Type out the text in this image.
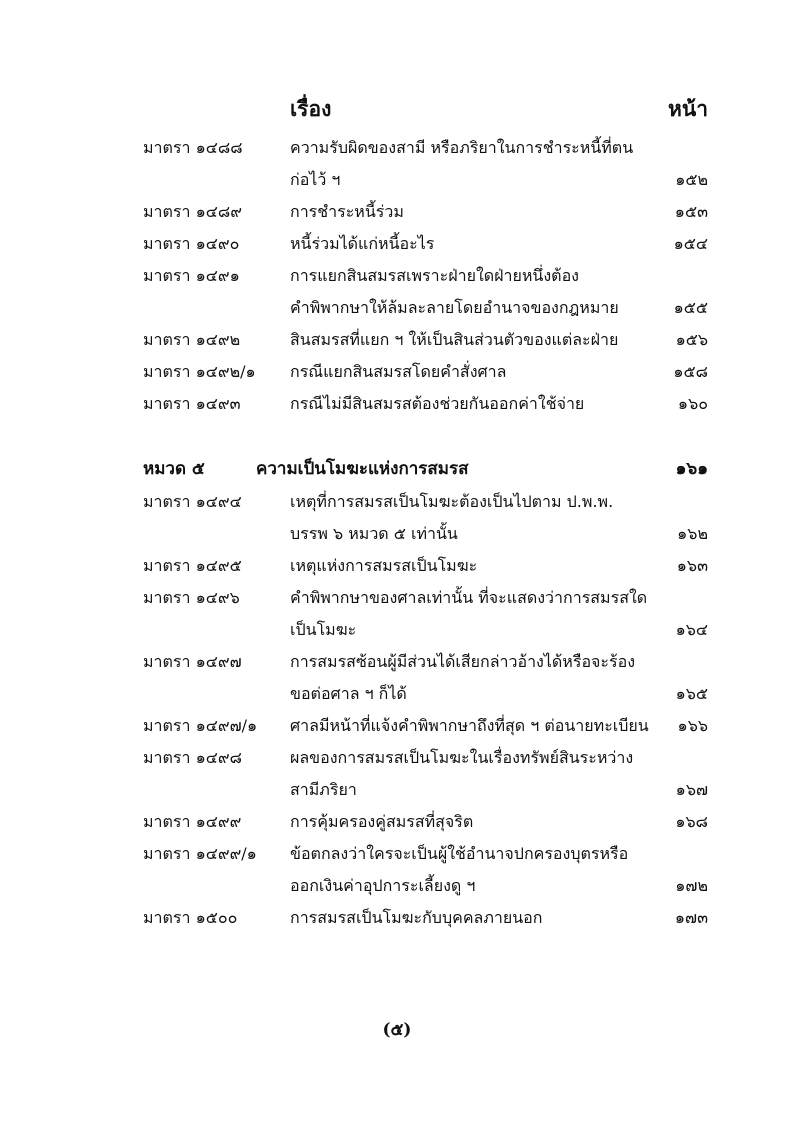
เรื่อง	หน้า
มาตรา ๑๔๘๘	ความรับผิดของสามี หรือภริยาในการชำระหนี้ที่ตน
ก่อไว้ ฯ	๑๕๒
มาตรา ๑๔๘๙	การชำระหนี้ร่วม	๑๕๓
มาตรา ๑๔๙๐	หนี้ร่วมได้แก่หนี้อะไร	๑๕๔
มาตรา ๑๔๙๑	การแยกสินสมรสเพราะฝ่ายใดฝ่ายหนึ่งต้อง
คำพิพากษาให้ล้มละลายโดยอำนาจของกฎหมาย	๑๕๕
มาตรา ๑๔๙๒	สินสมรสที่แยก ฯ ให้เป็นสินส่วนตัวของแต่ละฝ่าย	๑๕๖
มาตรา ๑๔๙๒/๑ กรณีแยกสินสมรสโดยคำสั่งศาล	๑๕๘
มาตรา ๑๔๙๓	กรณีไม่มีสินสมรสต้องช่วยกันออกค่าใช้จ่าย	๑๖๐
หมวด ๕	ความเป็นโมฆะแห่งการสมรส	๑๖๑
มาตรา ๑๔๙๔	เหตุที่การสมรสเป็นโมฆะต้องเป็นไปตาม ป.พ.พ.
บรรพ ๖ หมวด ๕ เท่านั้น	๑๖๒
มาตรา ๑๔๙๕	เหตุแห่งการสมรสเป็นโมฆะ	๑๖๓
มาตรา ๑๔๙๖	คำพิพากษาของศาลเท่านั้น ที่จะแสดงว่าการสมรสใด
เป็นโมฆะ	๑๖๔
มาตรา ๑๔๙๗	การสมรสซ้อนผู้มีส่วนได้เสียกล่าวอ้างได้หรือจะร้อง
ขอต่อศาล ฯ ก็ได้	๑๖๕
มาตรา ๑๔๙๗/๑ ศาลมีหน้าที่แจ้งคำพิพากษาถึงที่สุด ฯ ต่อนายทะเบียน ๑๖๖
มาตรา ๑๔๙๘	ผลของการสมรสเป็นโมฆะในเรื่องทรัพย์สินระหว่าง
สามีภริยา	๑๖๗
มาตรา ๑๔๙๙	การคุ้มครองคู่สมรสที่สุจริต	๑๖๘
มาตรา ๑๔๙๙/๑ ข้อตกลงว่าใครจะเป็นผู้ใช้อำนาจปกครองบุตรหรือ
ออกเงินค่าอุปการะเลี้ยงดู ฯ	๑๗๒
มาตรา ๑๕๐๐	การสมรสเป็นโมฆะกับบุคคลภายนอก	๑๗๓
(๕)
